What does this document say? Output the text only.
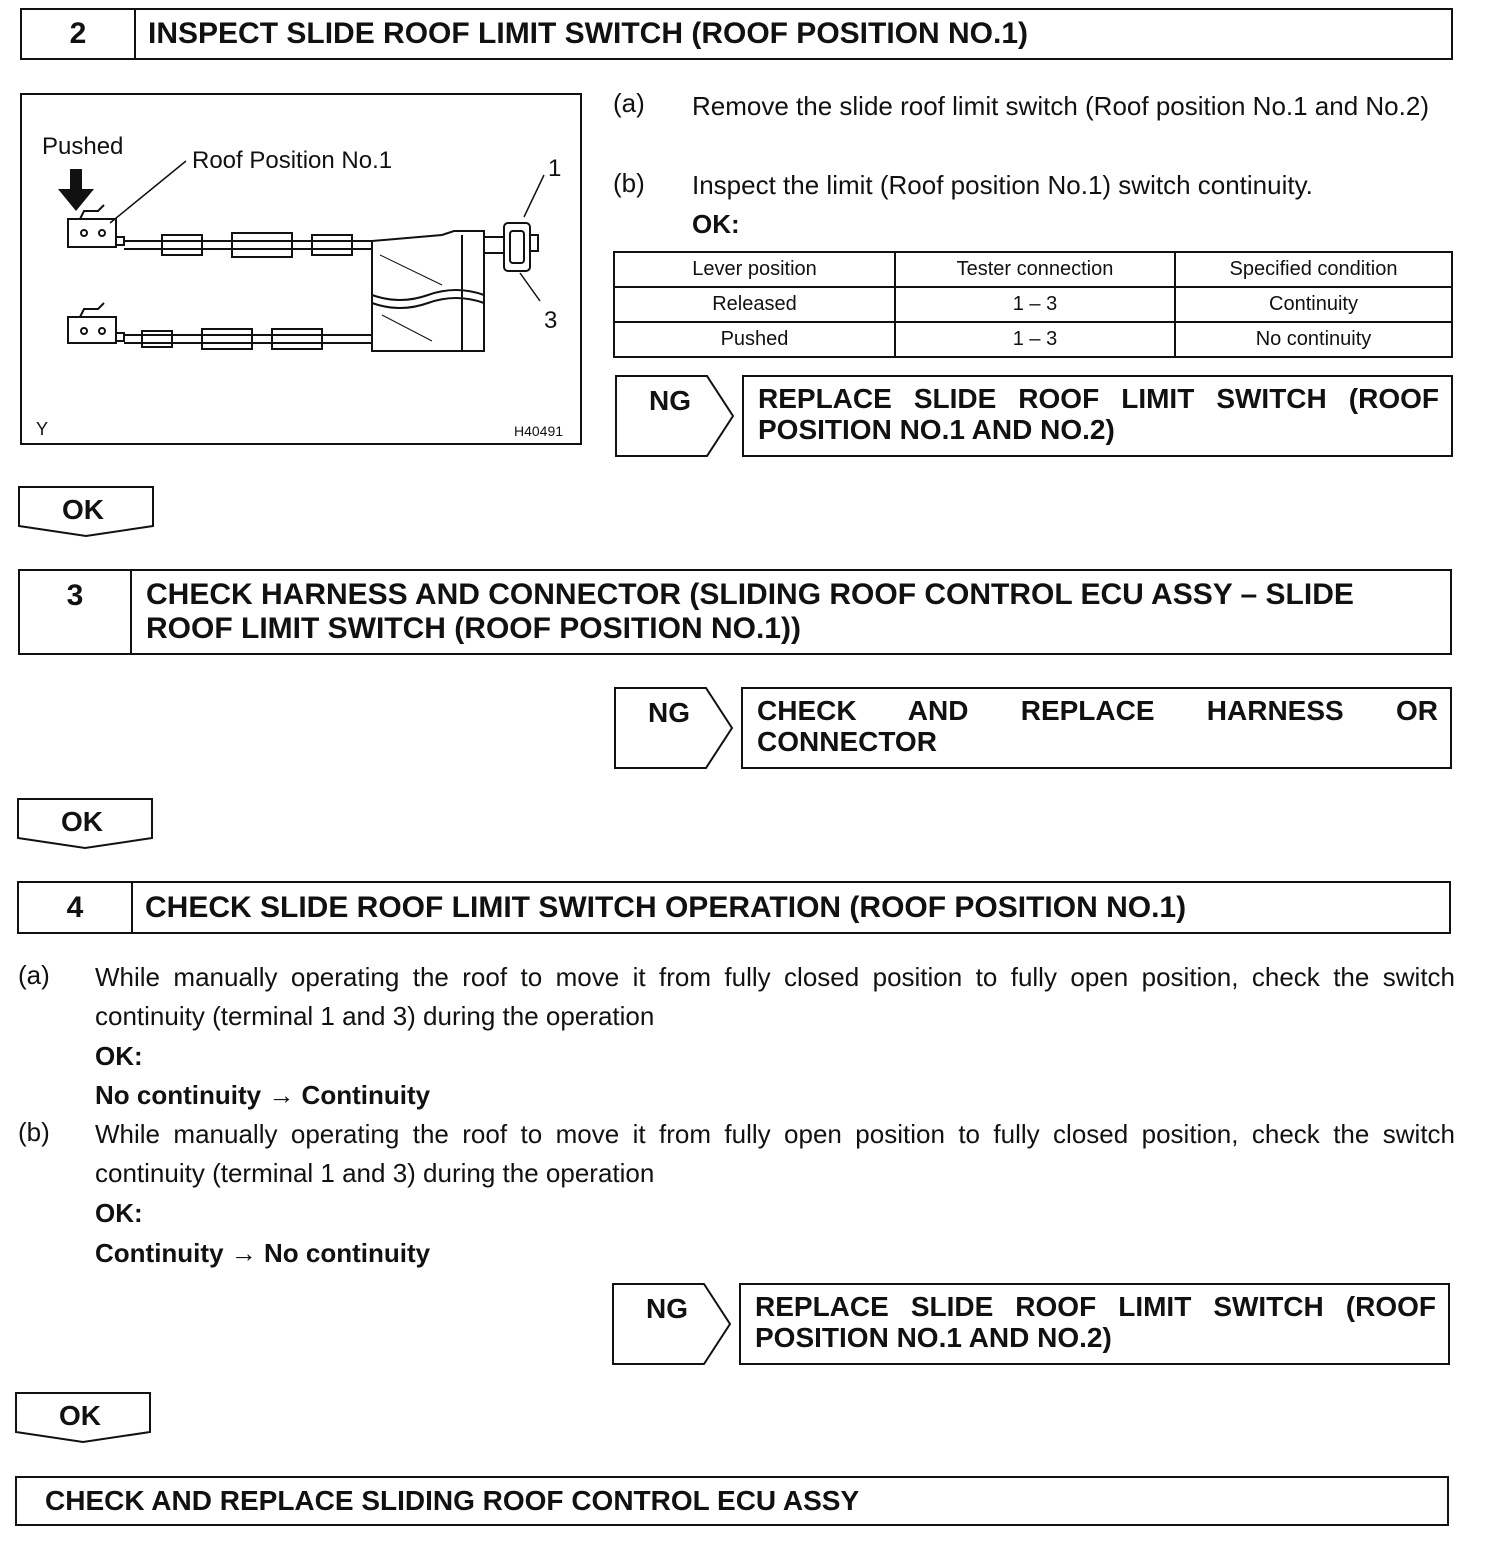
2	INSPECT SLIDE ROOF LIMIT SWITCH (ROOF POSITION NO.1)
Pushed
Roof Position No.1	1
3
Y	H40491
(a) Remove the slide roof limit switch (Roof position No.1 and No.2)
(b) Inspect the limit (Roof position No.1) switch continuity.
OK:
Lever position	Tester connection	Specified condition
Released	1 – 3	Continuity
Pushed	1 – 3	No continuity
NG	REPLACE SLIDE ROOF LIMIT SWITCH (ROOF POSITION NO.1 AND NO.2)
OK
3	CHECK HARNESS AND CONNECTOR (SLIDING ROOF CONTROL ECU ASSY – SLIDE ROOF LIMIT SWITCH (ROOF POSITION NO.1))
NG	CHECK AND REPLACE HARNESS OR CONNECTOR
OK
4	CHECK SLIDE ROOF LIMIT SWITCH OPERATION (ROOF POSITION NO.1)
(a) While manually operating the roof to move it from fully closed position to fully open position, check the switch continuity (terminal 1 and 3) during the operation
OK:
No continuity → Continuity
(b) While manually operating the roof to move it from fully open position to fully closed position, check the switch continuity (terminal 1 and 3) during the operation
OK:
Continuity → No continuity
NG	REPLACE SLIDE ROOF LIMIT SWITCH (ROOF POSITION NO.1 AND NO.2)
OK
CHECK AND REPLACE SLIDING ROOF CONTROL ECU ASSY
